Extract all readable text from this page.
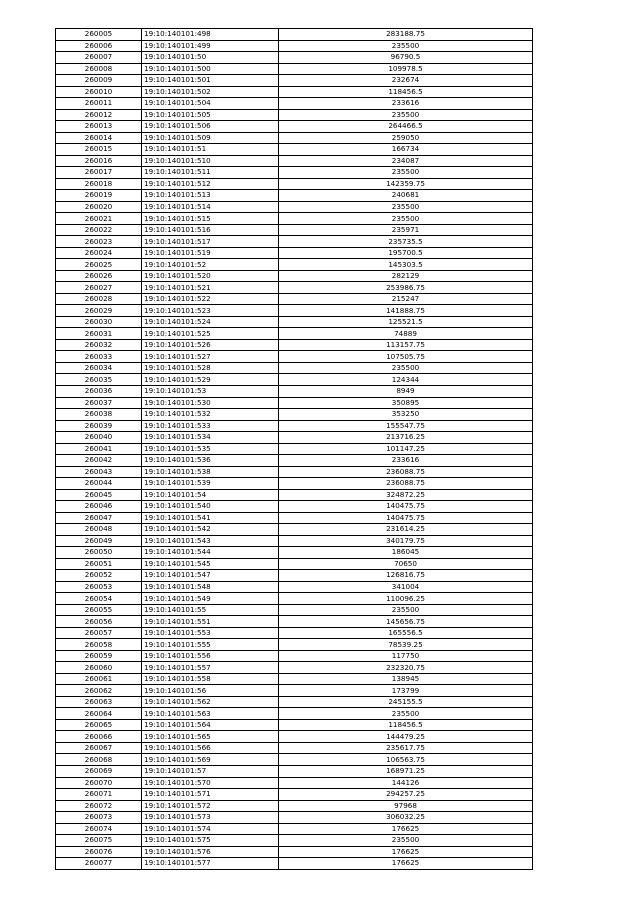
260005	19:10:140101:498	283188.75
260006	19:10:140101:499	235500
260007	19:10:140101:50	96790.5
260008	19:10:140101:500	109978.5
260009	19:10:140101:501	232674
260010	19:10:140101:502	118456.5
260011	19:10:140101:504	233616
260012	19:10:140101:505	235500
260013	19:10:140101:506	264466.5
260014	19:10:140101:509	259050
260015	19:10:140101:51	166734
260016	19:10:140101:510	234087
260017	19:10:140101:511	235500
260018	19:10:140101:512	142359.75
260019	19:10:140101:513	240681
260020	19:10:140101:514	235500
260021	19:10:140101:515	235500
260022	19:10:140101:516	235971
260023	19:10:140101:517	235735.5
260024	19:10:140101:519	195700.5
260025	19:10:140101:52	145303.5
260026	19:10:140101:520	282129
260027	19:10:140101:521	253986.75
260028	19:10:140101:522	215247
260029	19:10:140101:523	141888.75
260030	19:10:140101:524	125521.5
260031	19:10:140101:525	74889
260032	19:10:140101:526	113157.75
260033	19:10:140101:527	107505.75
260034	19:10:140101:528	235500
260035	19:10:140101:529	124344
260036	19:10:140101:53	8949
260037	19:10:140101:530	350895
260038	19:10:140101:532	353250
260039	19:10:140101:533	155547.75
260040	19:10:140101:534	213716.25
260041	19:10:140101:535	101147.25
260042	19:10:140101:536	233616
260043	19:10:140101:538	236088.75
260044	19:10:140101:539	236088.75
260045	19:10:140101:54	324872.25
260046	19:10:140101:540	140475.75
260047	19:10:140101:541	140475.75
260048	19:10:140101:542	231614.25
260049	19:10:140101:543	340179.75
260050	19:10:140101:544	186045
260051	19:10:140101:545	70650
260052	19:10:140101:547	126816.75
260053	19:10:140101:548	341004
260054	19:10:140101:549	110096.25
260055	19:10:140101:55	235500
260056	19:10:140101:551	145656.75
260057	19:10:140101:553	165556.5
260058	19:10:140101:555	78539.25
260059	19:10:140101:556	117750
260060	19:10:140101:557	232320.75
260061	19:10:140101:558	138945
260062	19:10:140101:56	173799
260063	19:10:140101:562	245155.5
260064	19:10:140101:563	235500
260065	19:10:140101:564	118456.5
260066	19:10:140101:565	144479.25
260067	19:10:140101:566	235617.75
260068	19:10:140101:569	106563.75
260069	19:10:140101:57	168971.25
260070	19:10:140101:570	144126
260071	19:10:140101:571	294257.25
260072	19:10:140101:572	97968
260073	19:10:140101:573	306032.25
260074	19:10:140101:574	176625
260075	19:10:140101:575	235500
260076	19:10:140101:576	176625
260077	19:10:140101:577	176625
